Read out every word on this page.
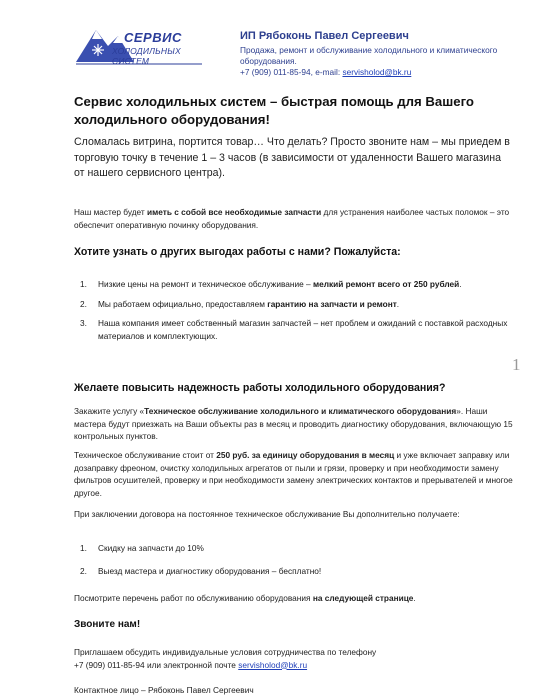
СЕРВИС
ХОЛОДИЛЬНЫХ СИСТЕМ
ИП Рябоконь Павел Сергеевич
Продажа, ремонт и обслуживание холодильного и климатического оборудования.
+7 (909) 011-85-94, e-mail: servisholod@bk.ru
Сервис холодильных систем – быстрая помощь для Вашего холодильного оборудования!
Сломалась витрина, портится товар… Что делать? Просто звоните нам – мы приедем в торговую точку в течение 1 – 3 часов (в зависимости от удаленности Вашего магазина от нашего сервисного центра).
Наш мастер будет иметь с собой все необходимые запчасти для устранения наиболее частых поломок – это обеспечит оперативную починку оборудования.
Хотите узнать о других выгодах работы с нами? Пожалуйста:
1. Низкие цены на ремонт и техническое обслуживание – мелкий ремонт всего от 250 рублей.
2. Мы работаем официально, предоставляем гарантию на запчасти и ремонт.
3. Наша компания имеет собственный магазин запчастей – нет проблем и ожиданий с поставкой расходных материалов и комплектующих.
1
Желаете повысить надежность работы холодильного оборудования?
Закажите услугу «Техническое обслуживание холодильного и климатического оборудования». Наши мастера будут приезжать на Ваши объекты раз в месяц и проводить диагностику оборудования, включающую 15 контрольных пунктов.
Техническое обслуживание стоит от 250 руб. за единицу оборудования в месяц и уже включает заправку или дозаправку фреоном, очистку холодильных агрегатов от пыли и грязи, проверку и при необходимости замену фильтров осушителей, проверку и при необходимости замену электрических контактов и прерывателей и многое другое.
При заключении договора на постоянное техническое обслуживание Вы дополнительно получаете:
1. Скидку на запчасти до 10%
2. Выезд мастера и диагностику оборудования – бесплатно!
Посмотрите перечень работ по обслуживанию оборудования на следующей странице.
Звоните нам!
Приглашаем обсудить индивидуальные условия сотрудничества по телефону
+7 (909) 011-85-94 или электронной почте servisholod@bk.ru
Контактное лицо – Рябоконь Павел Сергеевич
